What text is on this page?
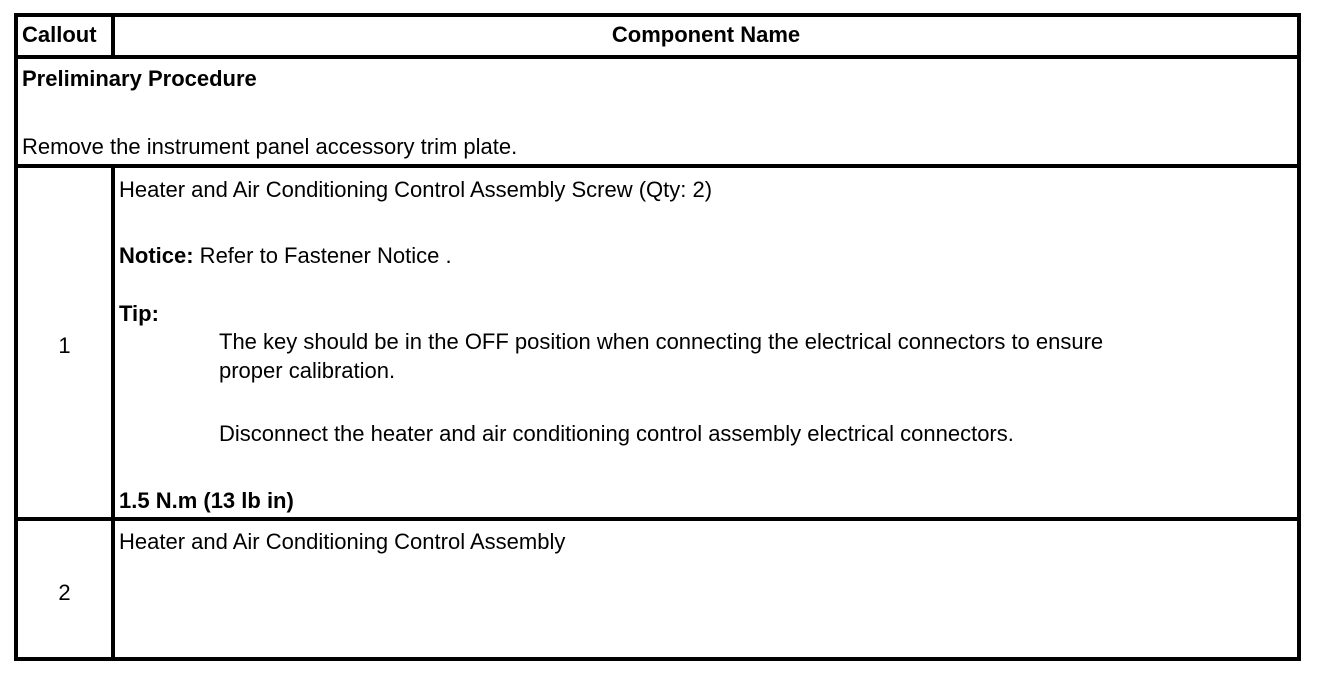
Callout	Component Name
Preliminary Procedure
Remove the instrument panel accessory trim plate.
1
Heater and Air Conditioning Control Assembly Screw (Qty: 2)
Notice: Refer to Fastener Notice .
Tip:
The key should be in the OFF position when connecting the electrical connectors to ensure
proper calibration.
Disconnect the heater and air conditioning control assembly electrical connectors.
1.5 N.m (13 lb in)
2
Heater and Air Conditioning Control Assembly
